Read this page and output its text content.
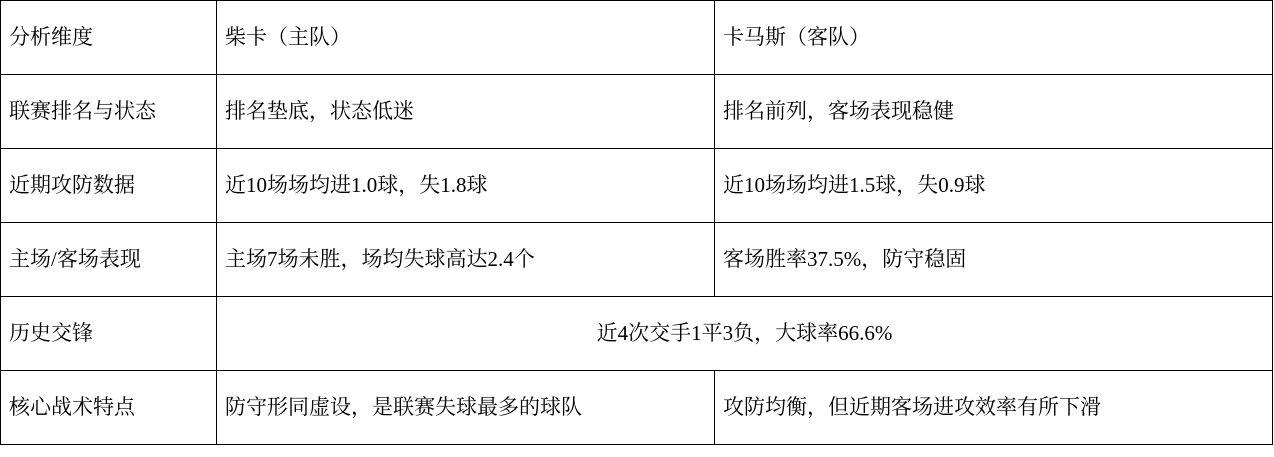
分析维度	柴卡（主队）	卡马斯（客队）
联赛排名与状态	排名垫底，状态低迷	排名前列，客场表现稳健
近期攻防数据	近10场场均进1.0球，失1.8球	近10场场均进1.5球，失0.9球
主场/客场表现	主场7场未胜，场均失球高达2.4个	客场胜率37.5%，防守稳固
历史交锋	近4次交手1平3负，大球率66.6%	
核心战术特点	防守形同虚设，是联赛失球最多的球队	攻防均衡，但近期客场进攻效率有所下滑
